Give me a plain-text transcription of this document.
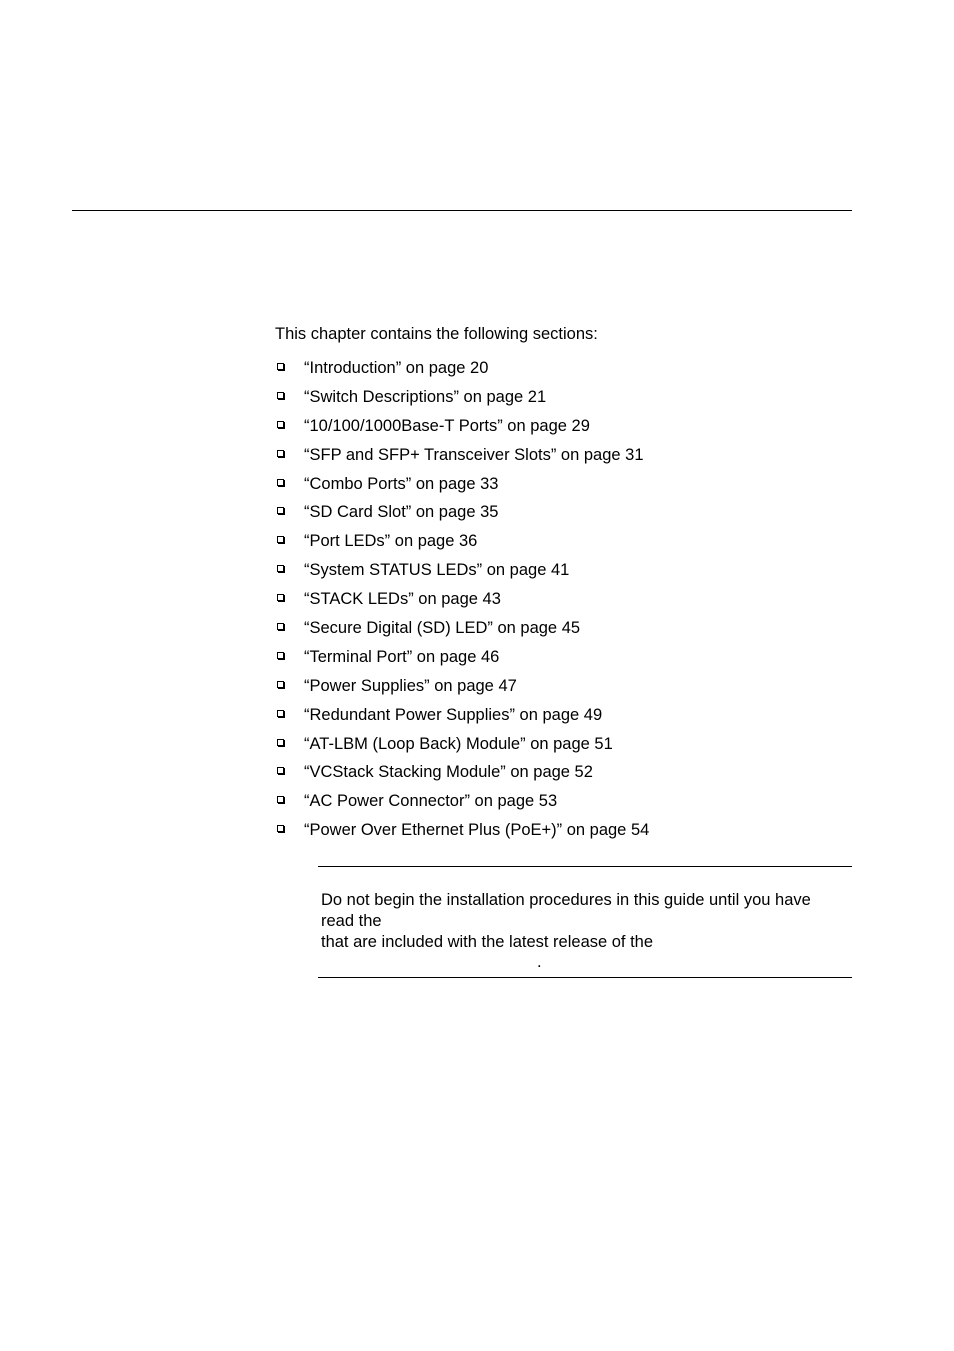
This chapter contains the following sections:
“Introduction” on page 20
“Switch Descriptions” on page 21
“10/100/1000Base-T Ports” on page 29
“SFP and SFP+ Transceiver Slots” on page 31
“Combo Ports” on page 33
“SD Card Slot” on page 35
“Port LEDs” on page 36
“System STATUS LEDs” on page 41
“STACK LEDs” on page 43
“Secure Digital (SD) LED” on page 45
“Terminal Port” on page 46
“Power Supplies” on page 47
“Redundant Power Supplies” on page 49
“AT-LBM (Loop Back) Module” on page 51
“VCStack Stacking Module” on page 52
“AC Power Connector” on page 53
“Power Over Ethernet Plus (PoE+)” on page 54
Do not begin the installation procedures in this guide until you have
read the
that are included with the latest release of the
.
